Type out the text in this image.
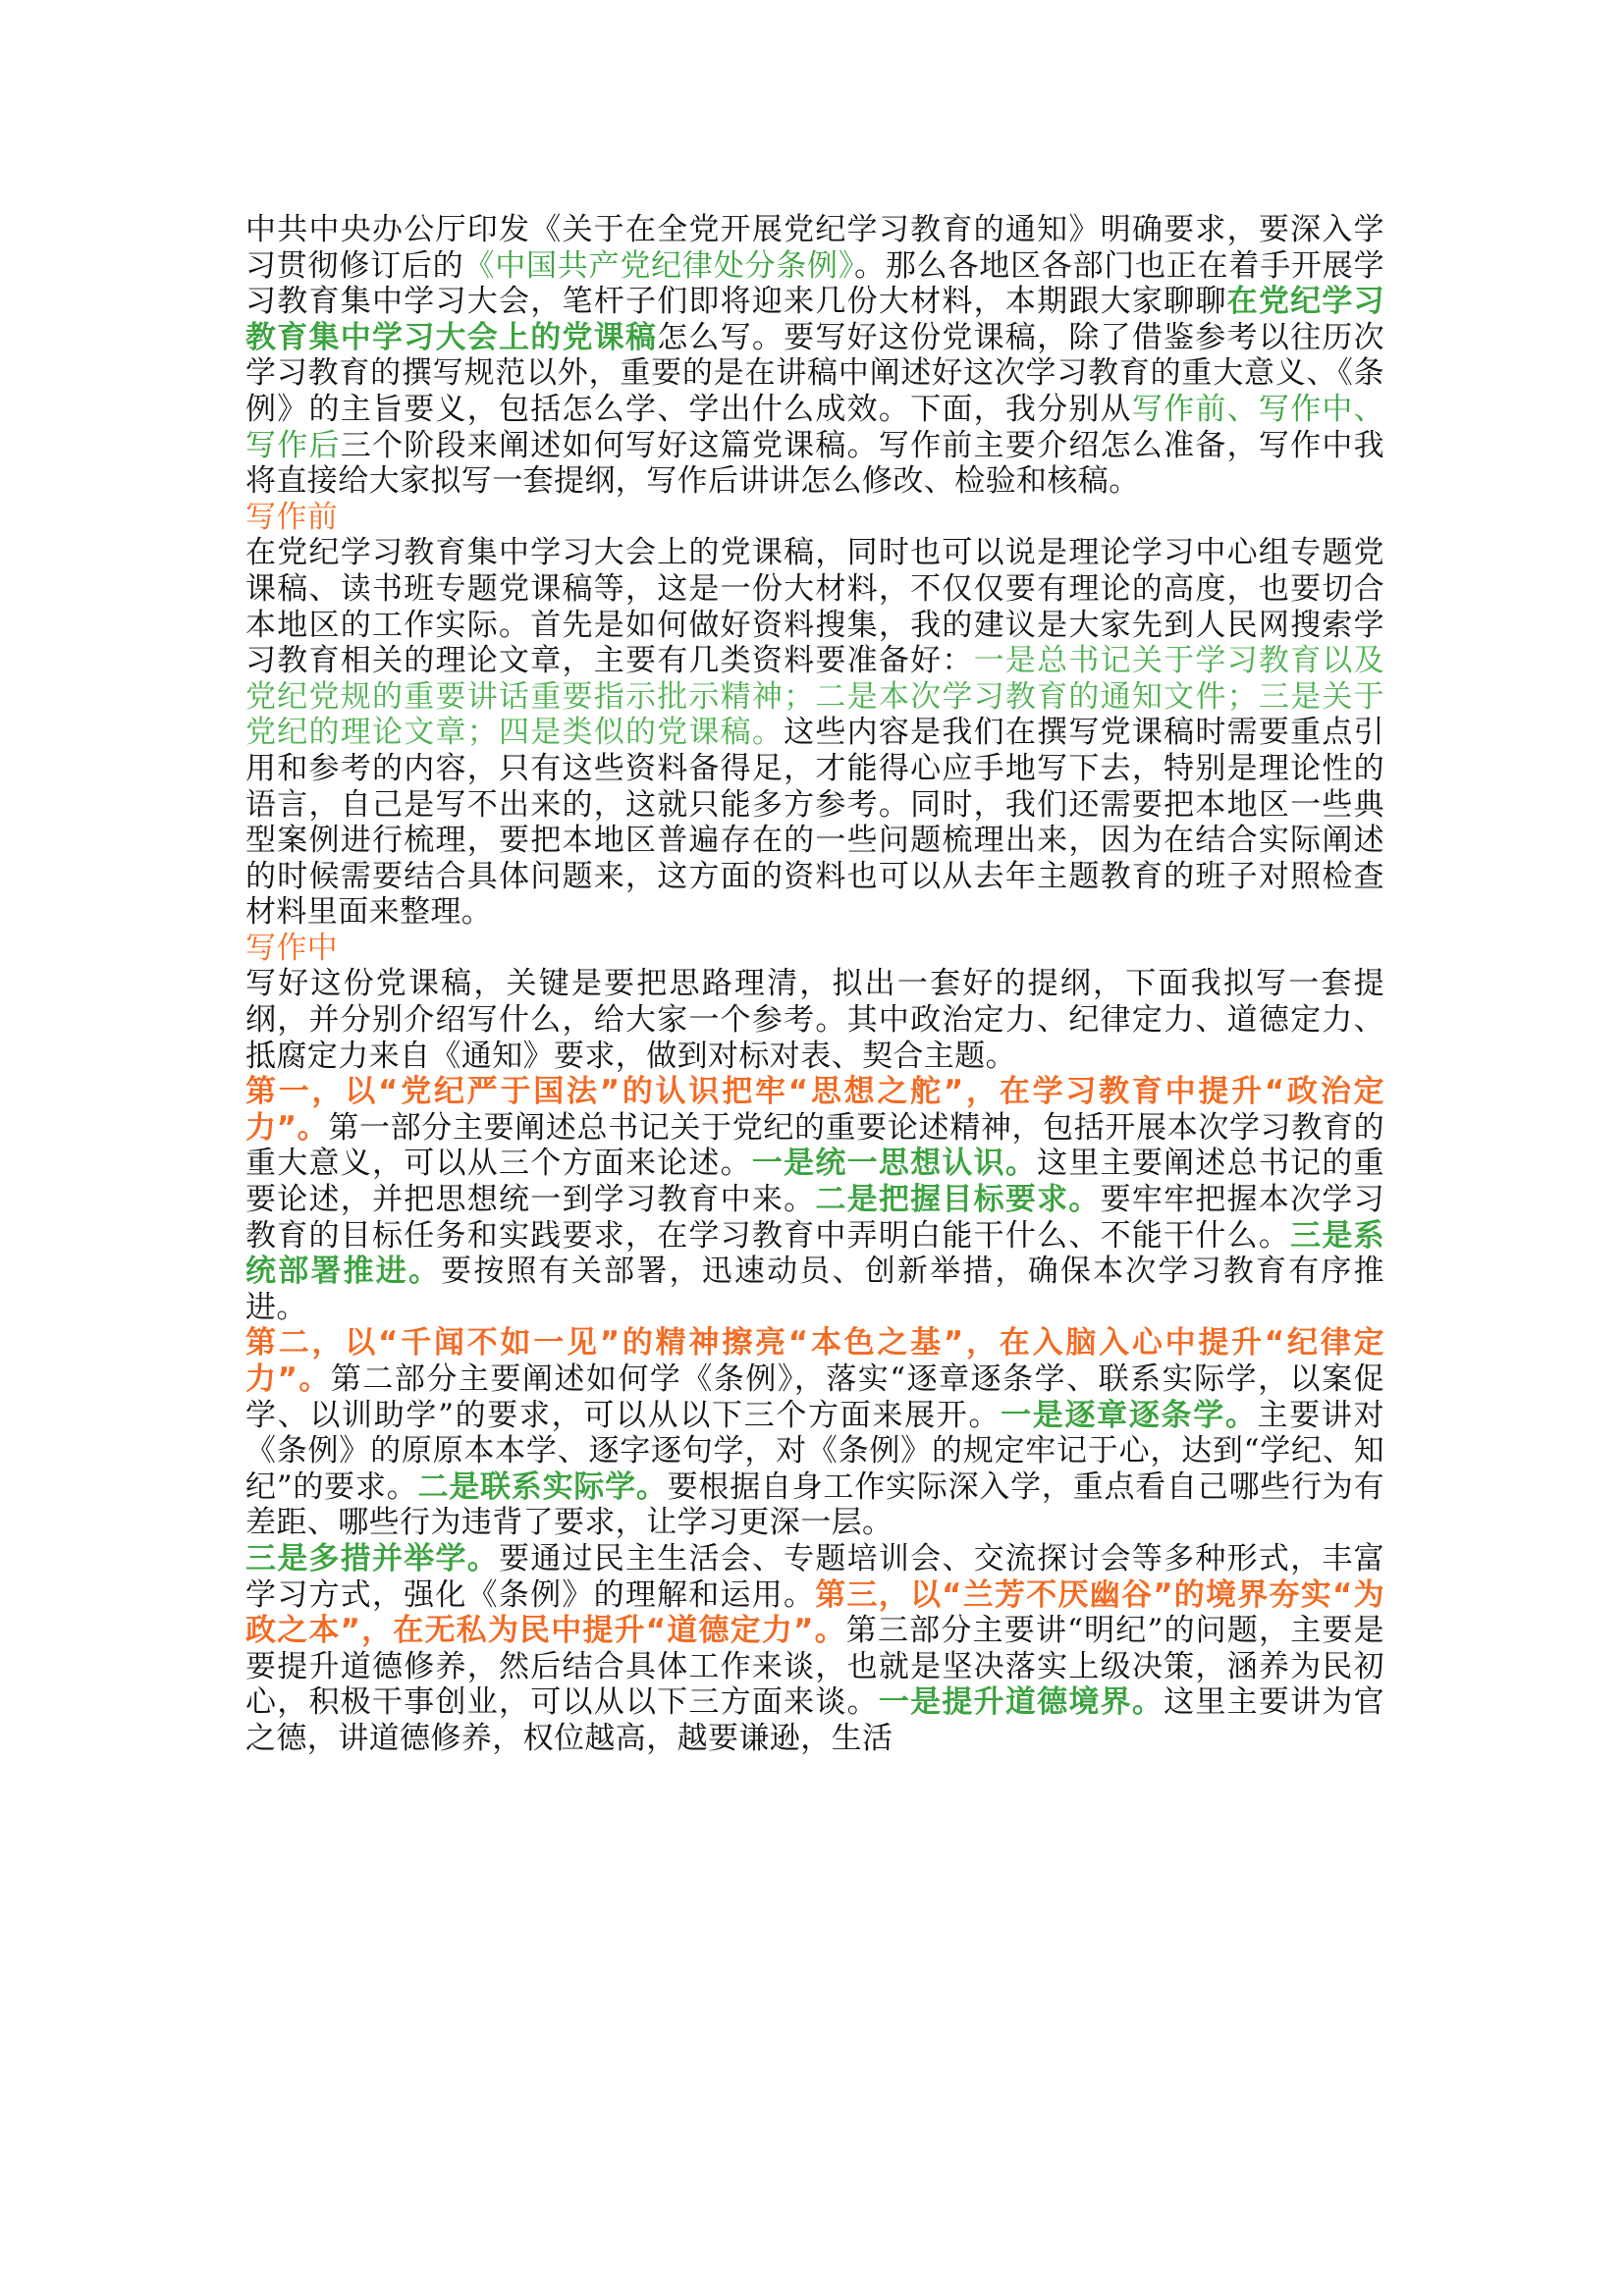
中共中央办公厅印发《关于在全党开展党纪学习教育的通知》明确要求，要深入学习贯彻修订后的《中国共产党纪律处分条例》。那么各地区各部门也正在着手开展学习教育集中学习大会，笔杆子们即将迎来几份大材料，本期跟大家聊聊在党纪学习教育集中学习大会上的党课稿怎么写。要写好这份党课稿，除了借鉴参考以往历次学习教育的撰写规范以外，重要的是在讲稿中阐述好这次学习教育的重大意义、《条例》的主旨要义，包括怎么学、学出什么成效。下面，我分别从写作前、写作中、写作后三个阶段来阐述如何写好这篇党课稿。写作前主要介绍怎么准备，写作中我将直接给大家拟写一套提纲，写作后讲讲怎么修改、检验和核稿。

写作前

在党纪学习教育集中学习大会上的党课稿，同时也可以说是理论学习中心组专题党课稿、读书班专题党课稿等，这是一份大材料，不仅仅要有理论的高度，也要切合本地区的工作实际。首先是如何做好资料搜集，我的建议是大家先到人民网搜索学习教育相关的理论文章，主要有几类资料要准备好：一是总书记关于学习教育以及党纪党规的重要讲话重要指示批示精神；二是本次学习教育的通知文件；三是关于党纪的理论文章；四是类似的党课稿。这些内容是我们在撰写党课稿时需要重点引用和参考的内容，只有这些资料备得足，才能得心应手地写下去，特别是理论性的语言，自己是写不出来的，这就只能多方参考。同时，我们还需要把本地区一些典型案例进行梳理，要把本地区普遍存在的一些问题梳理出来，因为在结合实际阐述的时候需要结合具体问题来，这方面的资料也可以从去年主题教育的班子对照检查材料里面来整理。

写作中

写好这份党课稿，关键是要把思路理清，拟出一套好的提纲，下面我拟写一套提纲，并分别介绍写什么，给大家一个参考。其中政治定力、纪律定力、道德定力、抵腐定力来自《通知》要求，做到对标对表、契合主题。

第一，以“党纪严于国法”的认识把牢“思想之舵”，在学习教育中提升“政治定力”。第一部分主要阐述总书记关于党纪的重要论述精神，包括开展本次学习教育的重大意义，可以从三个方面来论述。一是统一思想认识。这里主要阐述总书记的重要论述，并把思想统一到学习教育中来。二是把握目标要求。要牢牢把握本次学习教育的目标任务和实践要求，在学习教育中弄明白能干什么、不能干什么。三是系统部署推进。要按照有关部署，迅速动员、创新举措，确保本次学习教育有序推进。

第二，以“千闻不如一见”的精神擦亮“本色之基”，在入脑入心中提升“纪律定力”。第二部分主要阐述如何学《条例》，落实“逐章逐条学、联系实际学，以案促学、以训助学”的要求，可以从以下三个方面来展开。一是逐章逐条学。主要讲对《条例》的原原本本学、逐字逐句学，对《条例》的规定牢记于心，达到“学纪、知纪”的要求。二是联系实际学。要根据自身工作实际深入学，重点看自己哪些行为有差距、哪些行为违背了要求，让学习更深一层。
三是多措并举学。要通过民主生活会、专题培训会、交流探讨会等多种形式，丰富学习方式，强化《条例》的理解和运用。第三，以“兰芳不厌幽谷”的境界夯实“为政之本”，在无私为民中提升“道德定力”。第三部分主要讲“明纪”的问题，主要是要提升道德修养，然后结合具体工作来谈，也就是坚决落实上级决策，涵养为民初心，积极干事创业，可以从以下三方面来谈。一是提升道德境界。这里主要讲为官之德，讲道德修养，权位越高，越要谦逊，生活
